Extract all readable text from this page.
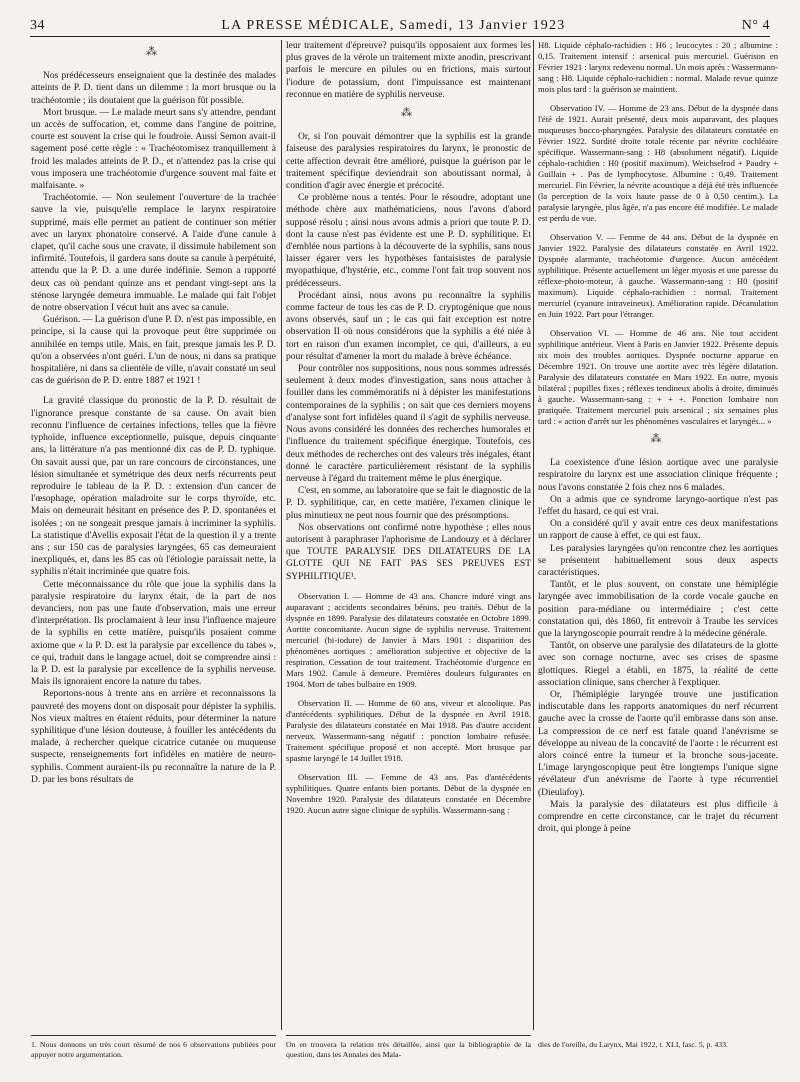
34	LA PRESSE MÉDICALE, Samedi, 13 Janvier 1923	N° 4
⁂

Nos prédécesseurs enseignaient que la destinée des malades atteints de P. D. tient dans un dilemme : la mort brusque ou la trachéotomie ; ils doutaient que la guérison fût possible.

Mort brusque. — Le malade meurt sans s'y attendre, pendant un accès de suffocation, et, comme dans l'angine de poitrine, courte est souvent la crise qui le foudroie. Aussi Semon avait-il sagement posé cette règle : « Trachéotomisez tranquillement à froid les malades atteints de P. D., et n'attendez pas la crise qui vous imposera une trachéotomie d'urgence souvent mal faite et malfaisante. »

Trachéotomie. — Non seulement l'ouverture de la trachée sauve la vie, puisqu'elle remplace le larynx respiratoire supprimé, mais elle permet au patient de continuer son métier avec un larynx phonatoire conservé. A l'aide d'une canule à clapet, qu'il cache sous une cravate, il dissimule habilement son infirmité. Toutefois, il gardera sans doute sa canule à perpétuité, attendu que la P. D. a une durée indéfinie. Semon a rapporté deux cas où pendant quinze ans et pendant vingt-sept ans la sténose laryngée demeura immuable. Le malade qui fait l'objet de notre observation I vécut huit ans avec sa canule.

Guérison. — La guérison d'une P. D. n'est pas impossible, en principe, si la cause qui la provoque peut être supprimée ou annihilée en temps utile. Mais, en fait, presque jamais les P. D. qu'on a observées n'ont guéri. L'un de nous, ni dans sa pratique hospitalière, ni dans sa clientèle de ville, n'avait constaté un seul cas de guérison de P. D. entre 1887 et 1921 !

La gravité classique du pronostic de la P. D. résultait de l'ignorance presque constante de sa cause. On avait bien reconnu l'influence de certaines infections, telles que la fièvre typhoïde, influence exceptionnelle, puisque, depuis cinquante ans, la littérature n'a pas mentionné dix cas de P. D. typhique. On savait aussi que, par un rare concours de circonstances, une lésion simultanée et symétrique des deux nerfs récurrents peut reproduire le tableau de la P. D. : extension d'un cancer de l'œsophage, opération maladroite sur le corps thyroïde, etc. Mais on demeurait hésitant en présence des P. D. spontanées et isolées ; on ne songeait presque jamais à incriminer la syphilis. La statistique d'Avellis exposait l'état de la question il y a trente ans ; sur 150 cas de paralysies laryngées, 65 cas demeuraient inexpliqués, et, dans les 85 cas où l'étiologie paraissait nette, la syphilis n'était incriminée que quatre fois.

Cette méconnaissance du rôle que joue la syphilis dans la paralysie respiratoire du larynx était, de la part de nos devanciers, non pas une faute d'observation, mais une erreur d'interprétation. Ils proclamaient à leur insu l'influence majeure de la syphilis en cette matière, puisqu'ils posaient comme axiome que « la P. D. est la paralysie par excellence du tabes », ce qui, traduit dans le langage actuel, doit se comprendre ainsi : la P. D. est la paralysie par excellence de la syphilis nerveuse. Mais ils ignoraient encore la nature du tabes.

Reportons-nous à trente ans en arrière et reconnaissons la pauvreté des moyens dont on disposait pour dépister la syphilis. Nos vieux maîtres en étaient réduits, pour déterminer la nature syphilitique d'une lésion douteuse, à fouiller les antécédents du malade, à rechercher quelque cicatrice cutanée ou muqueuse suspecte, renseignements fort infidèles en matière de neuro-syphilis. Comment auraient-ils pu reconnaître la nature de la P. D. par les bons résultats de

leur traitement d'épreuve? puisqu'ils opposaient aux formes les plus graves de la vérole un traitement mixte anodin, prescrivant parfois le mercure en pilules ou en frictions, mais surtout l'iodure de potassium, dont l'impuissance est maintenant reconnue en matière de syphilis nerveuse.

⁂

Or, si l'on pouvait démontrer que la syphilis est la grande faiseuse des paralysies respiratoires du larynx, le pronostic de cette affection devrait être amélioré, puisque la guérison par le traitement spécifique deviendrait son aboutissant normal, à condition d'agir avec énergie et précocité.

Ce problème nous a tentés. Pour le résoudre, adoptant une méthode chère aux mathématiciens, nous l'avons d'abord supposé résolu ; ainsi nous avons admis a priori que toute P. D. dont la cause n'est pas évidente est une P. D. syphilitique. Et d'emblée nous partions à la découverte de la syphilis, sans nous laisser égarer vers les hypothèses fantaisistes de paralysie myopathique, d'hystérie, etc., comme l'ont fait trop souvent nos prédécesseurs.

Procédant ainsi, nous avons pu reconnaître la syphilis comme facteur de tous les cas de P. D. cryptogénique que nous avons observés, sauf un ; le cas qui fait exception est notre observation II où nous considérons que la syphilis a été niée à tort en raison d'un examen incomplet, ce qui, d'ailleurs, a eu pour résultat d'amener la mort du malade à brève échéance.

Pour contrôler nos suppositions, nous nous sommes adressés seulement à deux modes d'investigation, sans nous attacher à fouiller dans les commémoratifs ni à dépister les manifestations contemporaines de la syphilis ; on sait que ces derniers moyens d'analyse sont fort infidèles quand il s'agit de syphilis nerveuse. Nous avons considéré les données des recherches humorales et l'influence du traitement spécifique énergique. Toutefois, ces deux méthodes de recherches ont des valeurs très inégales, étant donné le caractère particulièrement résistant de la syphilis nerveuse à l'égard du traitement même le plus énergique.

C'est, en somme, au laboratoire que se fait le diagnostic de la P. D. syphilitique, car, en cette matière, l'examen clinique le plus minutieux ne peut nous fournir que des présomptions.

Nos observations ont confirmé notre hypothèse ; elles nous autorisent à paraphraser l'aphorisme de Landouzy et à déclarer que TOUTE PARALYSIE DES DILATATEURS DE LA GLOTTE QUI NE FAIT PAS SES PREUVES EST SYPHILITIQUE¹.

Observation I. — Homme de 43 ans. Chancre induré vingt ans auparavant ; accidents secondaires bénins, peu traités. Début de la dyspnée en 1899. Paralysie des dilatateurs constatée en Octobre 1899. Aortite concomitante. Aucun signe de syphilis nerveuse. Traitement mercuriel (bi-iodure) de Janvier à Mars 1901 : disparition des phénomènes aortiques ; amélioration subjective et objective de la respiration. Cessation de tout traitement. Trachéotomie d'urgence en Mars 1902. Canule à demeure. Premières douleurs fulgurantes en 1904. Mort de tabes bulbaire en 1909.

Observation II. — Homme de 60 ans, viveur et alcoolique. Pas d'antécédents syphilitiques. Début de la dyspnée en Avril 1918. Paralysie des dilatateurs constatée en Mai 1918. Pas d'autre accident nerveux. Wassermann-sang négatif : ponction lombaire refusée. Traitement spécifique proposé et non accepté. Mort brusque par spasme laryngé le 14 Juillet 1918.

Observation III. — Femme de 43 ans. Pas d'antécédents syphilitiques. Quatre enfants bien portants. Début de la dyspnée en Novembre 1920. Paralysie des dilatateurs constatée en Décembre 1920. Aucun autre signe clinique de syphilis. Wassermann-sang :

H8. Liquide céphalo-rachidien : H6 ; leucocytes : 20 ; albumine : 0,15. Traitement intensif : arsenical puis mercuriel. Guérison en Février 1921 : larynx redevenu normal. Un mois après : Wassermann-sang : H8. Liquide céphalo-rachidien : normal. Malade revue quinze mois plus tard : la guérison se maintient.

Observation IV. — Homme de 23 ans. Début de la dyspnée dans l'été de 1921. Aurait présenté, deux mois auparavant, des plaques muqueuses bucco-pharyngées. Paralysie des dilatateurs constatée en Février 1922. Surdité droite totale récente par névrite cochléaire spécifique. Wassermann-sang : H8 (absolument négatif). Liquide céphalo-rachidien : H0 (positif maximum). Weichselrod + Paudry + Guillain + . Pas de lymphocytose. Albumine : 0,49. Traitement mercuriel. Fin Février, la névrite acoustique a déjà été très influencée (la perception de la voix haute passe de 0 à 0,50 centim.). La paralysie laryngée, plus âgée, n'a pas encore été modifiée. Le malade est perdu de vue.

Observation V. — Femme de 44 ans. Début de la dyspnée en Janvier 1922. Paralysie des dilatateurs constatée en Avril 1922. Dyspnée alarmante, trachéotomie d'urgence. Aucun antécédent syphilitique. Présente actuellement un léger myosis et une paresse du réflexe-photo-moteur, à gauche. Wassermann-sang : H0 (positif maximum). Liquide céphalo-rachidien : normal. Traitement mercuriel (cyanure intraveineux). Amélioration rapide. Décanulation en Juin 1922. Part pour l'étranger.

Observation VI. — Homme de 46 ans. Nie tout accident syphilitique antérieur. Vient à Paris en Janvier 1922. Présente depuis six mois des troubles aortiques. Dyspnée nocturne apparue en Décembre 1921. On trouve une aortite avec très légère dilatation. Paralysie des dilatateurs constatée en Mars 1922. En outre, myosis bilatéral ; pupilles fixes ; réflexes tendineux abolis à droite, diminués à gauche. Wassermann-sang : + + +. Ponction lombaire non pratiquée. Traitement mercuriel puis arsenical ; six semaines plus tard : « action d'arrêt sur les phénomènes vasculaires et laryngés... »

⁂

La coexistence d'une lésion aortique avec une paralysie respiratoire du larynx est une association clinique fréquente ; nous l'avons constatée 2 fois chez nos 6 malades.

On a admis que ce syndrome laryngo-aortique n'est pas l'effet du hasard, ce qui est vrai.

On a considéré qu'il y avait entre ces deux manifestations un rapport de cause à effet, ce qui est faux.

Les paralysies laryngées qu'on rencontre chez les aortiques se présentent habituellement sous deux aspects caractéristiques.

Tantôt, et le plus souvent, on constate une hémiplégie laryngée avec immobilisation de la corde vocale gauche en position para-médiane ou intermédiaire ; c'est cette constatation qui, dès 1860, fit entrevoir à Traube les services que la laryngoscopie pourrait rendre à la médecine générale.

Tantôt, on observe une paralysie des dilatateurs de la glotte avec son cornage nocturne, avec ses crises de spasme glottiques. Riegel a établi, en 1875, la réalité de cette association clinique, sans chercher à l'expliquer.

Or, l'hémiplégie laryngée trouve une justification indiscutable dans les rapports anatomiques du nerf récurrent gauche avec la crosse de l'aorte qu'il embrasse dans son anse. La compression de ce nerf est fatale quand l'anévrisme se développe au niveau de la concavité de l'aorte : le récurrent est alors coincé entre la tumeur et la bronche sous-jacente. L'image laryngoscopique peut être longtemps l'unique signe révélateur d'un anévrisme de l'aorte à type récurrentiel (Dieulafoy).

Mais la paralysie des dilatateurs est plus difficile à comprendre en cette circonstance, car le trajet du récurrent droit, qui plonge à peine

1. Nous donnons un très court résumé de nos 6 observations publiées pour appuyer notre argumentation.
On en trouvera la relation très détaillée, ainsi que la bibliographie de la question, dans les Annales des Mala-
dies de l'oreille, du Larynx, Mai 1922, t. XLI, fasc. 5, p. 433.
